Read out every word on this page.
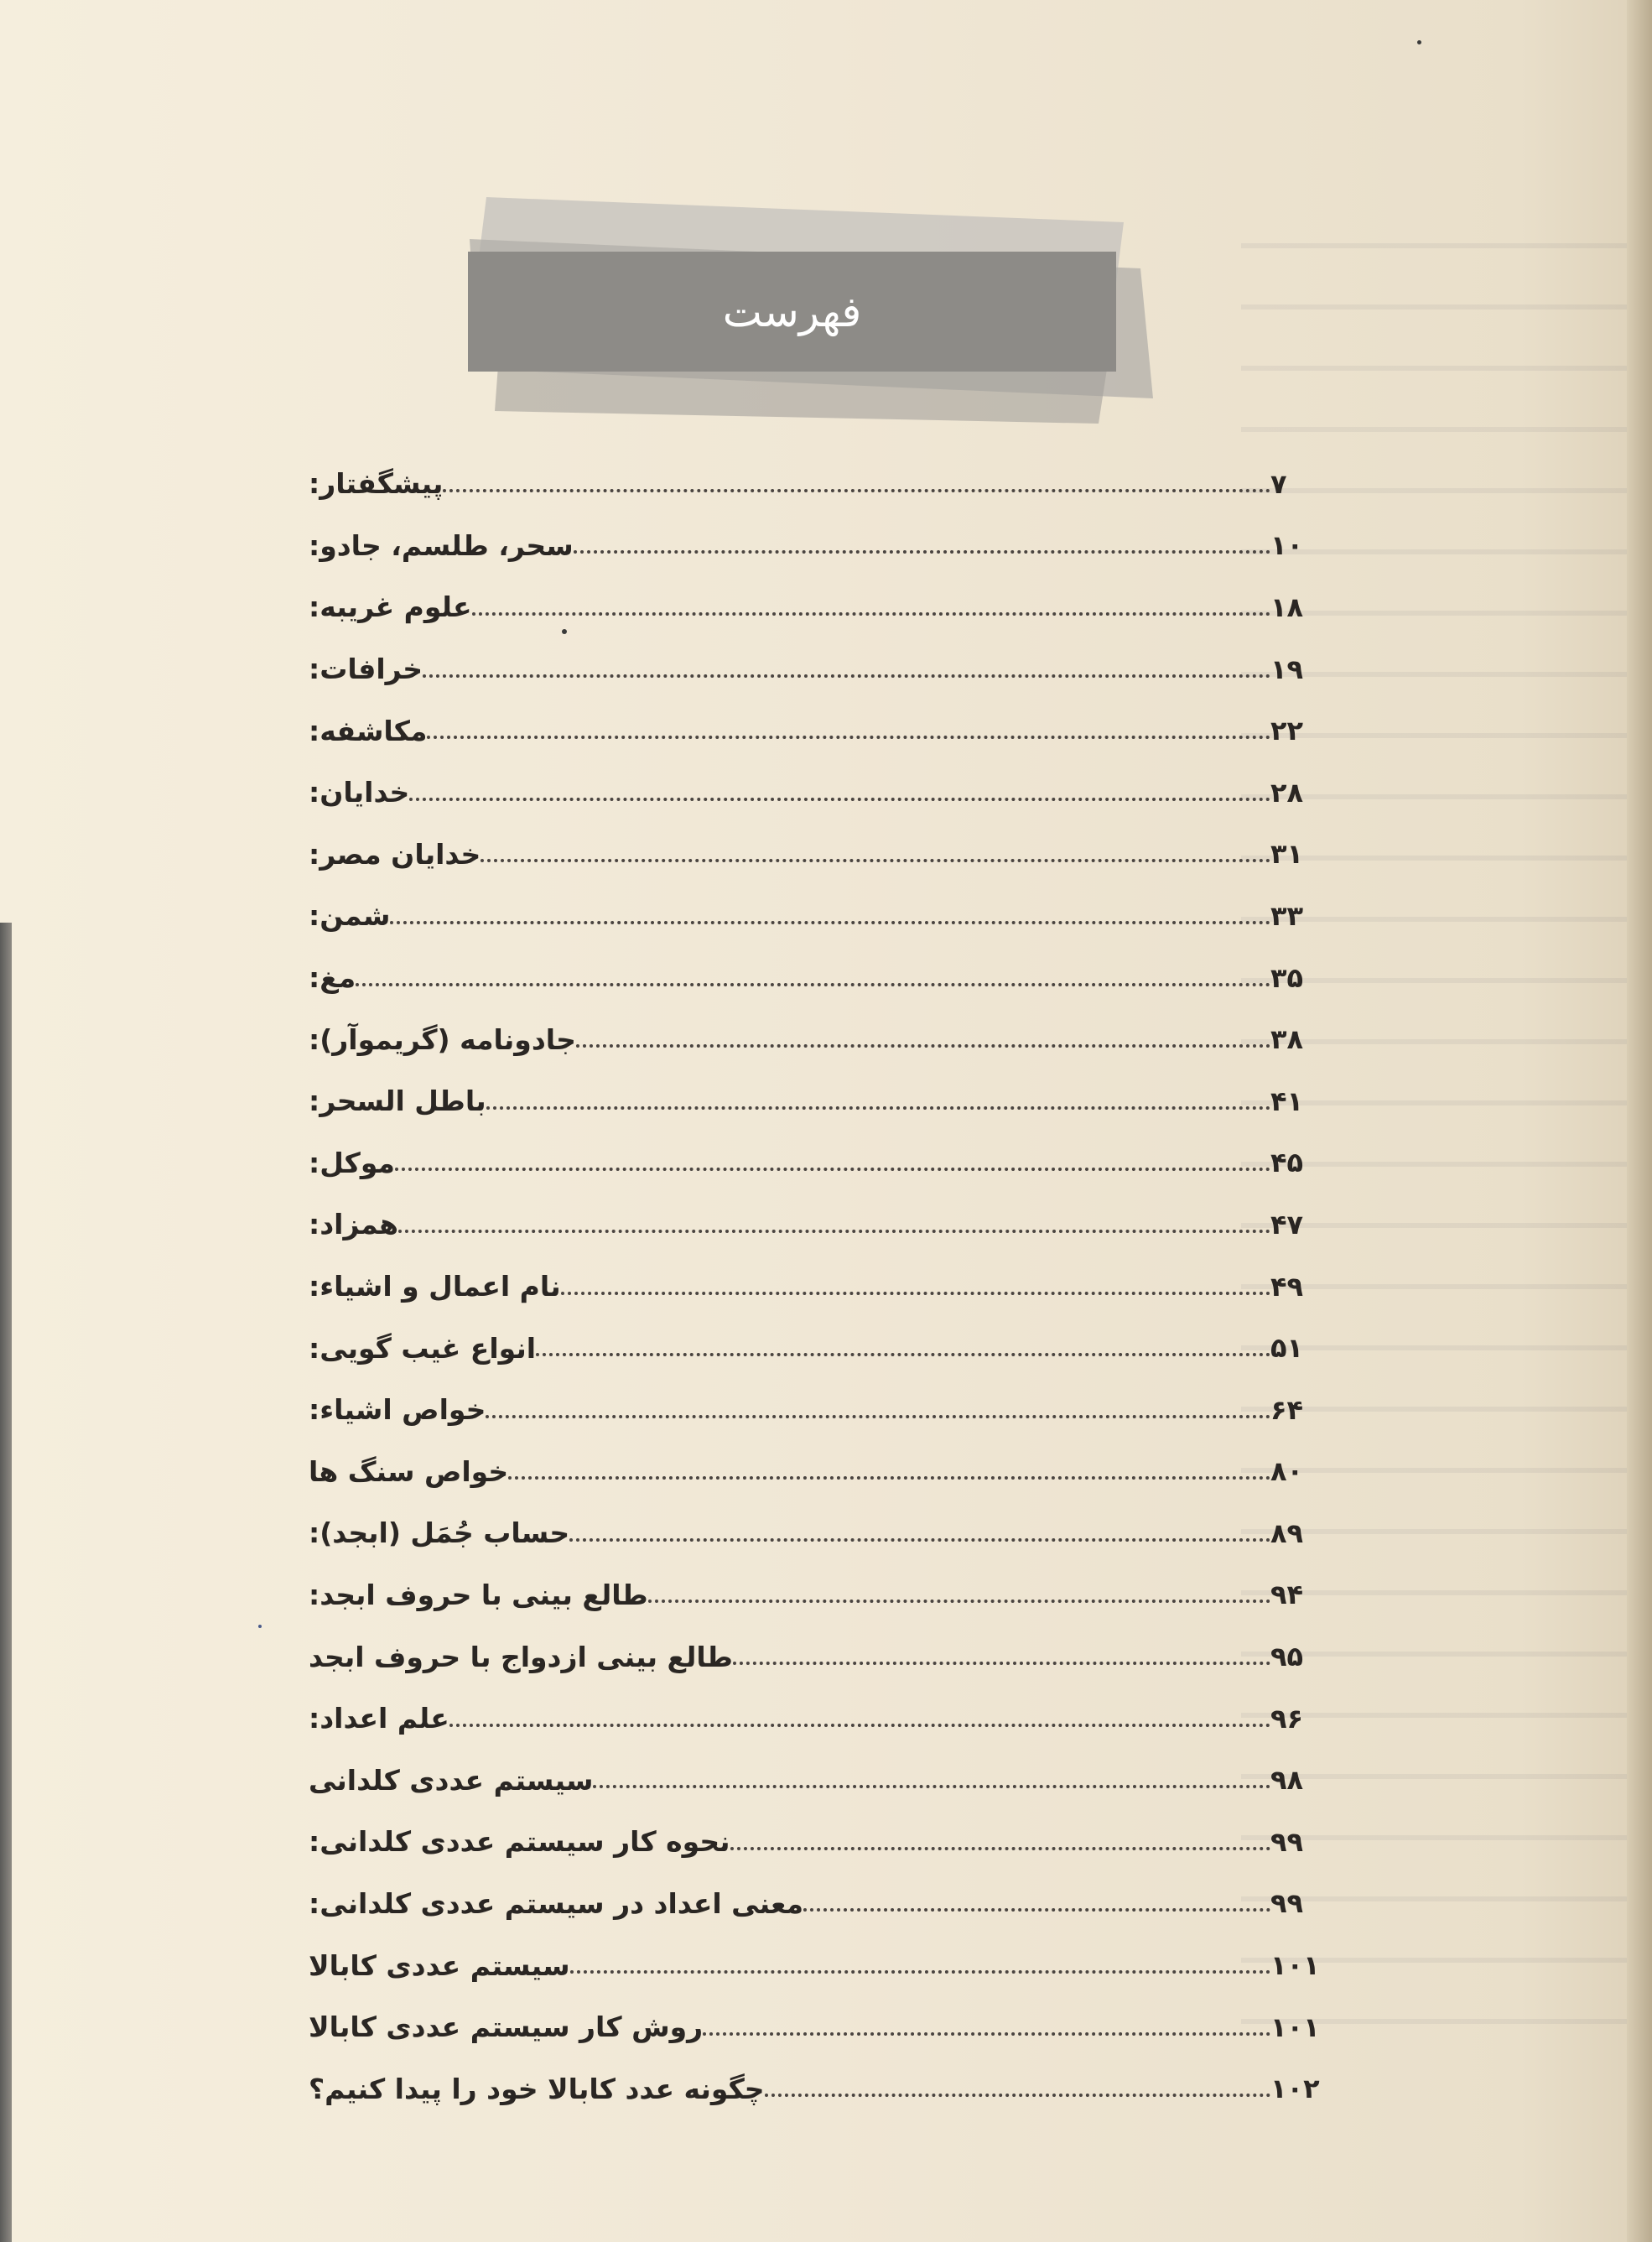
فهرست
پیشگفتار:	۷
سحر، طلسم، جادو:	۱۰
علوم غریبه:	۱۸
خرافات:	۱۹
مکاشفه:	۲۲
خدایان:	۲۸
خدایان مصر:	۳۱
شمن:	۳۳
مغ:	۳۵
جادونامه (گریموآر):	۳۸
باطل السحر:	۴۱
موکل:	۴۵
همزاد:	۴۷
نام اعمال و اشیاء:	۴۹
انواع غیب گویی:	۵۱
خواص اشیاء:	۶۴
خواص سنگ ها	۸۰
حساب جُمَل (ابجد):	۸۹
طالع بینی با حروف ابجد:	۹۴
طالع بینی ازدواج با حروف ابجد	۹۵
علم اعداد:	۹۶
سیستم عددی کلدانی	۹۸
نحوه کار سیستم عددی کلدانی:	۹۹
معنی اعداد در سیستم عددی کلدانی:	۹۹
سیستم عددی کابالا	۱۰۱
روش کار سیستم عددی کابالا	۱۰۱
چگونه عدد کابالا خود را پیدا کنیم؟	۱۰۲
